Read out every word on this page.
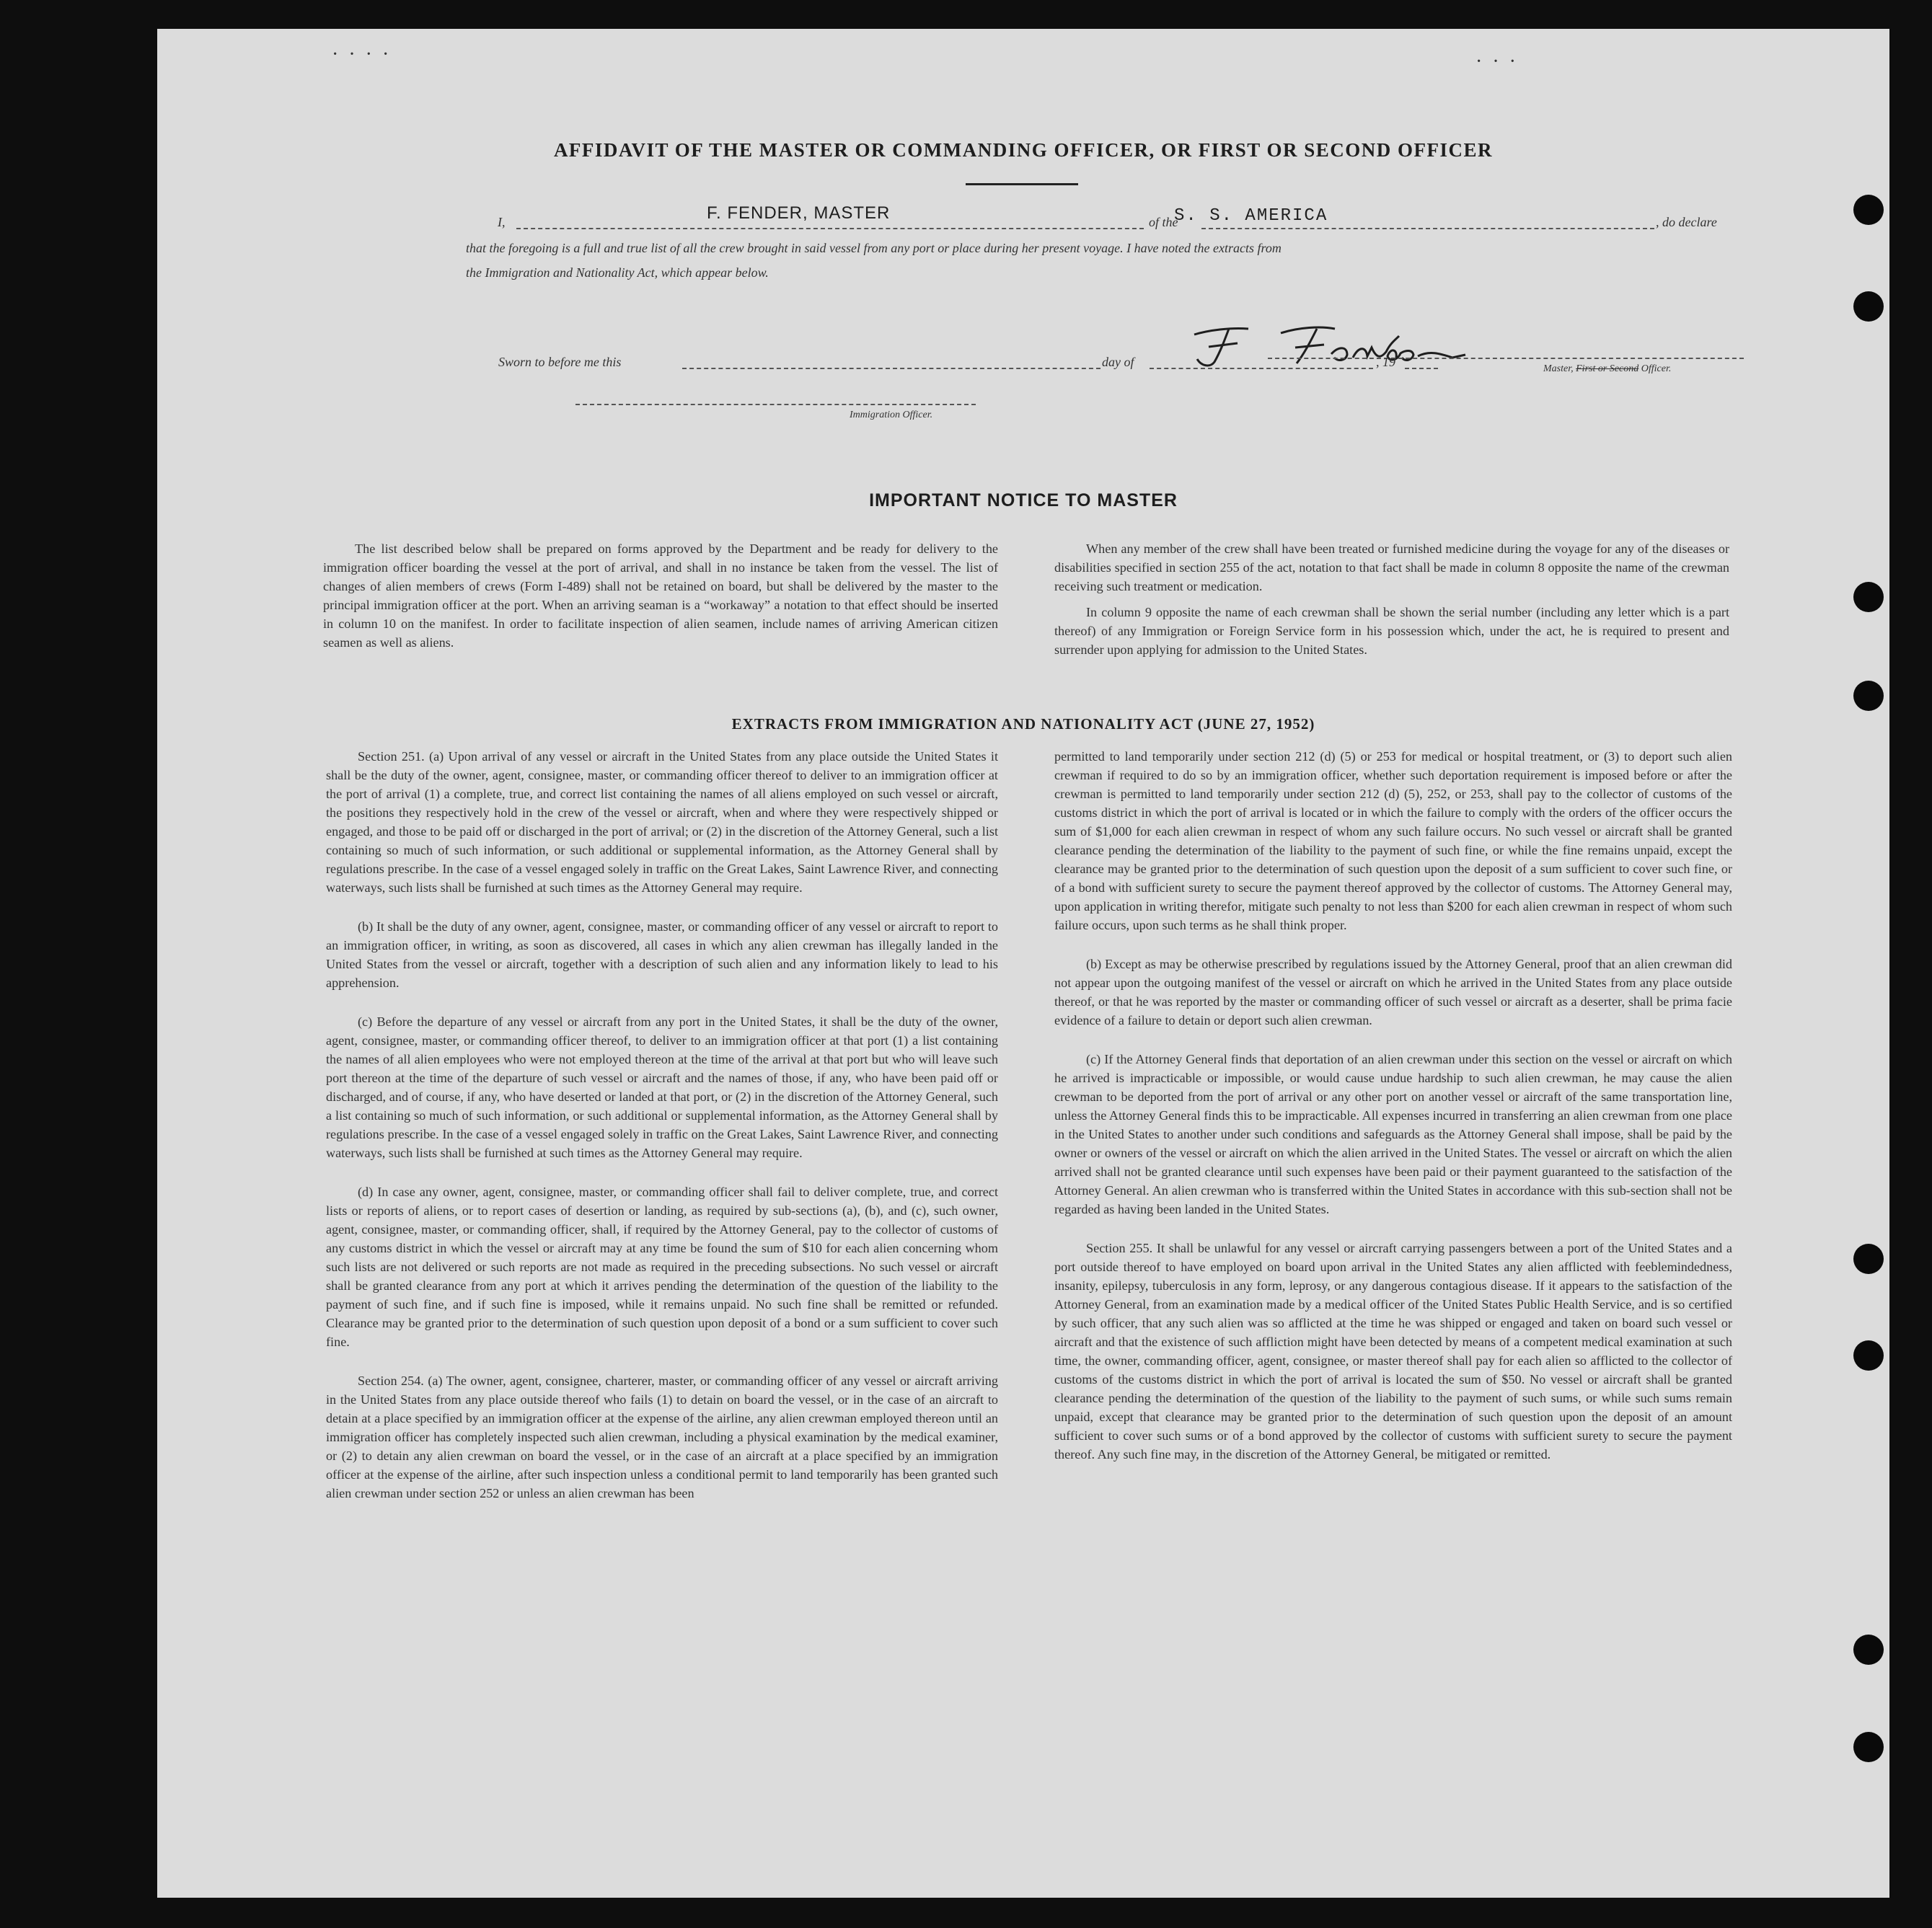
····	···
AFFIDAVIT OF THE MASTER OR COMMANDING OFFICER, OR FIRST OR SECOND OFFICER
I,	F. FENDER, MASTER	of the
S. S. AMERICA	, do declare
that the foregoing is a full and true list of all the crew brought in said vessel from any port or place during her present voyage. I have noted the extracts from
the Immigration and Nationality Act, which appear below.
Master, First or Second Officer.
Sworn to before me this	day of	, 19
Immigration Officer.
IMPORTANT NOTICE TO MASTER

The list described below shall be prepared on forms approved by the Department and be ready for delivery to the immigration officer boarding the vessel at the port of arrival, and shall in no instance be taken from the vessel. The list of changes of alien members of crews (Form I-489) shall not be retained on board, but shall be delivered by the master to the principal immigration officer at the port. When an arriving seaman is a “workaway” a notation to that effect should be inserted in column 10 on the manifest. In order to facilitate inspection of alien seamen, include names of arriving American citizen seamen as well as aliens.

When any member of the crew shall have been treated or furnished medicine during the voyage for any of the diseases or disabilities specified in section 255 of the act, notation to that fact shall be made in column 8 opposite the name of the crewman receiving such treatment or medication.

In column 9 opposite the name of each crewman shall be shown the serial number (including any letter which is a part thereof) of any Immigration or Foreign Service form in his possession which, under the act, he is required to present and surrender upon applying for admission to the United States.

EXTRACTS FROM IMMIGRATION AND NATIONALITY ACT (JUNE 27, 1952)

Section 251. (a) Upon arrival of any vessel or aircraft in the United States from any place outside the United States it shall be the duty of the owner, agent, consignee, master, or commanding officer thereof to deliver to an immigration officer at the port of arrival (1) a complete, true, and correct list containing the names of all aliens employed on such vessel or aircraft, the positions they respectively hold in the crew of the vessel or aircraft, when and where they were respectively shipped or engaged, and those to be paid off or discharged in the port of arrival; or (2) in the discretion of the Attorney General, such a list containing so much of such information, or such additional or supplemental information, as the Attorney General shall by regulations prescribe. In the case of a vessel engaged solely in traffic on the Great Lakes, Saint Lawrence River, and connecting waterways, such lists shall be furnished at such times as the Attorney General may require.

(b) It shall be the duty of any owner, agent, consignee, master, or commanding officer of any vessel or aircraft to report to an immigration officer, in writing, as soon as discovered, all cases in which any alien crewman has illegally landed in the United States from the vessel or aircraft, together with a description of such alien and any information likely to lead to his apprehension.

(c) Before the departure of any vessel or aircraft from any port in the United States, it shall be the duty of the owner, agent, consignee, master, or commanding officer thereof, to deliver to an immigration officer at that port (1) a list containing the names of all alien employees who were not employed thereon at the time of the arrival at that port but who will leave such port thereon at the time of the departure of such vessel or aircraft and the names of those, if any, who have been paid off or discharged, and of course, if any, who have deserted or landed at that port, or (2) in the discretion of the Attorney General, such a list containing so much of such information, or such additional or supplemental information, as the Attorney General shall by regulations prescribe. In the case of a vessel engaged solely in traffic on the Great Lakes, Saint Lawrence River, and connecting waterways, such lists shall be furnished at such times as the Attorney General may require.

(d) In case any owner, agent, consignee, master, or commanding officer shall fail to deliver complete, true, and correct lists or reports of aliens, or to report cases of desertion or landing, as required by sub-sections (a), (b), and (c), such owner, agent, consignee, master, or commanding officer, shall, if required by the Attorney General, pay to the collector of customs of any customs district in which the vessel or aircraft may at any time be found the sum of $10 for each alien concerning whom such lists are not delivered or such reports are not made as required in the preceding subsections. No such vessel or aircraft shall be granted clearance from any port at which it arrives pending the determination of the question of the liability to the payment of such fine, and if such fine is imposed, while it remains unpaid. No such fine shall be remitted or refunded. Clearance may be granted prior to the determination of such question upon deposit of a bond or a sum sufficient to cover such fine.

Section 254. (a) The owner, agent, consignee, charterer, master, or commanding officer of any vessel or aircraft arriving in the United States from any place outside thereof who fails (1) to detain on board the vessel, or in the case of an aircraft to detain at a place specified by an immigration officer at the expense of the airline, any alien crewman employed thereon until an immigration officer has completely inspected such alien crewman, including a physical examination by the medical examiner, or (2) to detain any alien crewman on board the vessel, or in the case of an aircraft at a place specified by an immigration officer at the expense of the airline, after such inspection unless a conditional permit to land temporarily has been granted such alien crewman under section 252 or unless an alien crewman has been

permitted to land temporarily under section 212 (d) (5) or 253 for medical or hospital treatment, or (3) to deport such alien crewman if required to do so by an immigration officer, whether such deportation requirement is imposed before or after the crewman is permitted to land temporarily under section 212 (d) (5), 252, or 253, shall pay to the collector of customs of the customs district in which the port of arrival is located or in which the failure to comply with the orders of the officer occurs the sum of $1,000 for each alien crewman in respect of whom any such failure occurs. No such vessel or aircraft shall be granted clearance pending the determination of the liability to the payment of such fine, or while the fine remains unpaid, except the clearance may be granted prior to the determination of such question upon the deposit of a sum sufficient to cover such fine, or of a bond with sufficient surety to secure the payment thereof approved by the collector of customs. The Attorney General may, upon application in writing therefor, mitigate such penalty to not less than $200 for each alien crewman in respect of whom such failure occurs, upon such terms as he shall think proper.

(b) Except as may be otherwise prescribed by regulations issued by the Attorney General, proof that an alien crewman did not appear upon the outgoing manifest of the vessel or aircraft on which he arrived in the United States from any place outside thereof, or that he was reported by the master or commanding officer of such vessel or aircraft as a deserter, shall be prima facie evidence of a failure to detain or deport such alien crewman.

(c) If the Attorney General finds that deportation of an alien crewman under this section on the vessel or aircraft on which he arrived is impracticable or impossible, or would cause undue hardship to such alien crewman, he may cause the alien crewman to be deported from the port of arrival or any other port on another vessel or aircraft of the same transportation line, unless the Attorney General finds this to be impracticable. All expenses incurred in transferring an alien crewman from one place in the United States to another under such conditions and safeguards as the Attorney General shall impose, shall be paid by the owner or owners of the vessel or aircraft on which the alien arrived in the United States. The vessel or aircraft on which the alien arrived shall not be granted clearance until such expenses have been paid or their payment guaranteed to the satisfaction of the Attorney General. An alien crewman who is transferred within the United States in accordance with this sub-section shall not be regarded as having been landed in the United States.

Section 255. It shall be unlawful for any vessel or aircraft carrying passengers between a port of the United States and a port outside thereof to have employed on board upon arrival in the United States any alien afflicted with feeblemindedness, insanity, epilepsy, tuberculosis in any form, leprosy, or any dangerous contagious disease. If it appears to the satisfaction of the Attorney General, from an examination made by a medical officer of the United States Public Health Service, and is so certified by such officer, that any such alien was so afflicted at the time he was shipped or engaged and taken on board such vessel or aircraft and that the existence of such affliction might have been detected by means of a competent medical examination at such time, the owner, commanding officer, agent, consignee, or master thereof shall pay for each alien so afflicted to the collector of customs of the customs district in which the port of arrival is located the sum of $50. No vessel or aircraft shall be granted clearance pending the determination of the question of the liability to the payment of such sums, or while such sums remain unpaid, except that clearance may be granted prior to the determination of such question upon the deposit of an amount sufficient to cover such sums or of a bond approved by the collector of customs with sufficient surety to secure the payment thereof. Any such fine may, in the discretion of the Attorney General, be mitigated or remitted.
